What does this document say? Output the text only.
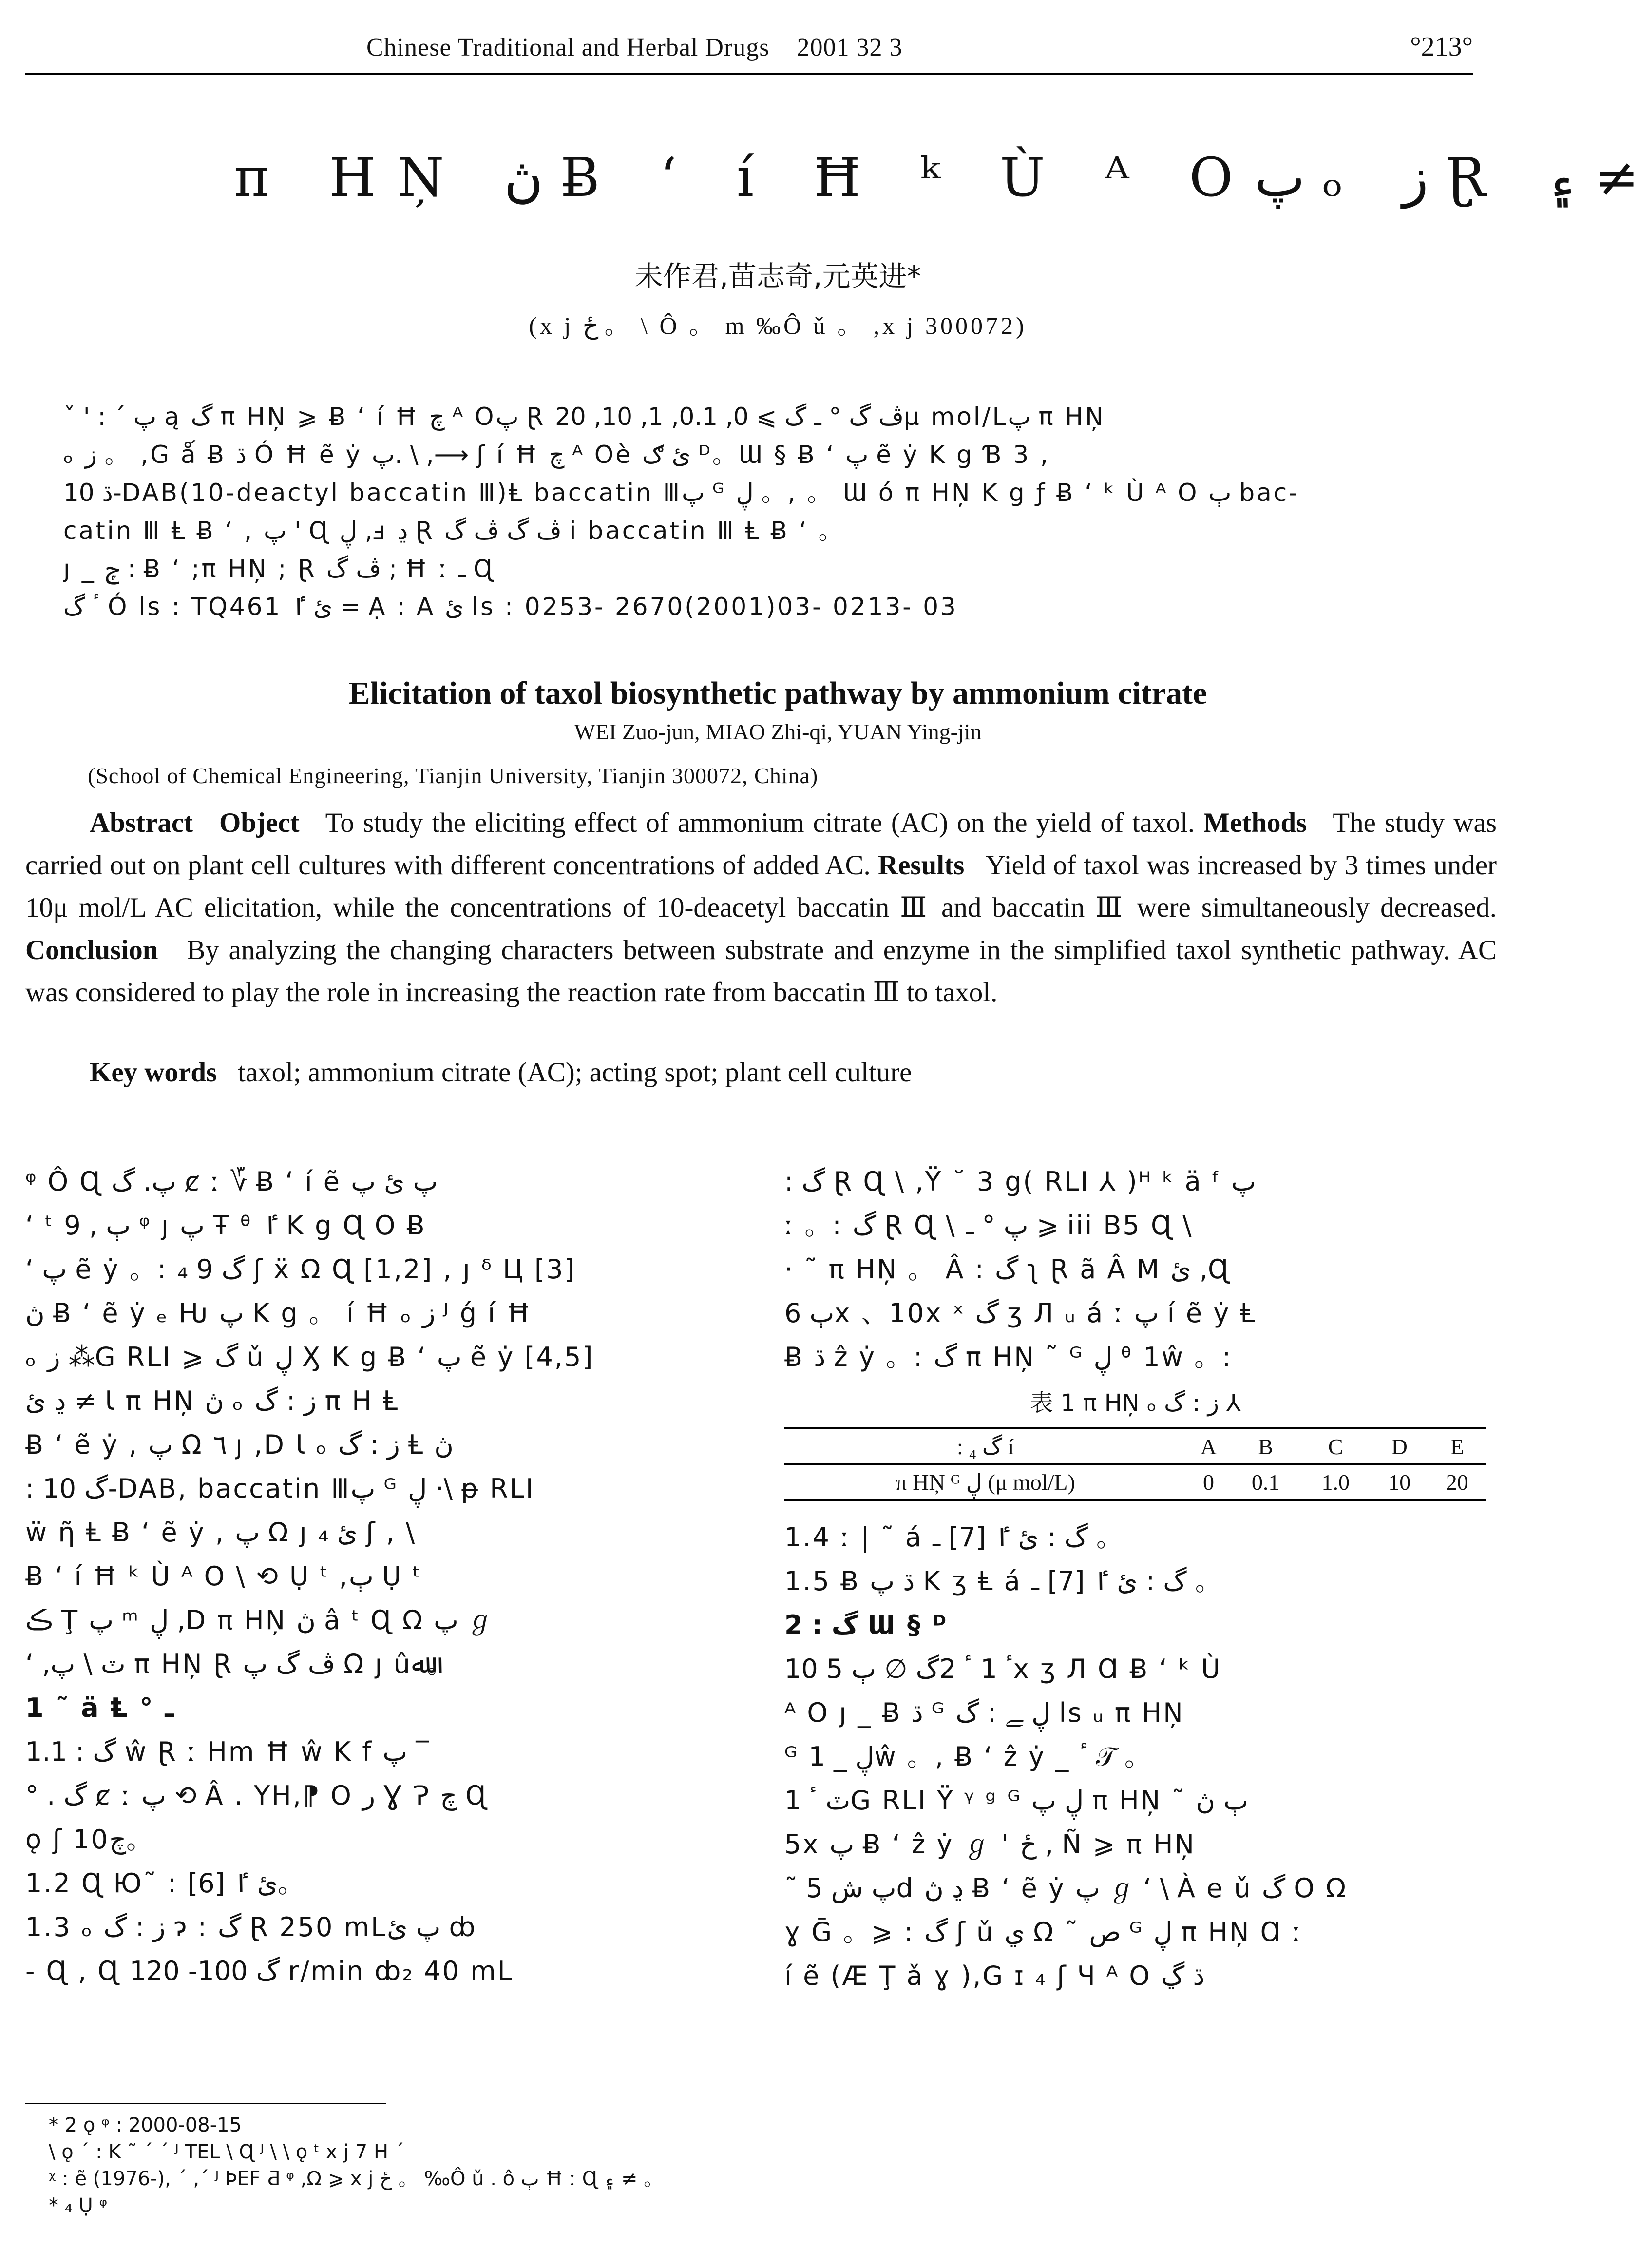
Chinese Traditional and Herbal Drugs 2001 32 3	°213°
π HŅ ڽ Ƀ ʻ í Ħ ᵏ Ù ᴬ Oپ ₒ ز Ɽ ۽ ≠
未作君,苗志奇,元英进*
(x j ځ 。 \ Ô 。 m ‰Ô ǔ 。 ,x j 300072)
ˇ ' : ˊ پ ą گ π HŅ ⩾ Ƀ ʻ í Ħ چ ᴬ Oپ Ɽ ڤ گ ° ـ گ ⩾ 0, 0.1, 1, 10, 20μ mol/Lپ π HŅ
ₒ ز 。 ,G ǻ Ƀ ڌ Ó Ħ ẽ ẏ پ. \ ,⟶ ʃ í Ħ چ ᴬ Oè ئ ګ ᴰ。Ɯ § Ƀ ʻ پ ẽ ẏ K g Ɓ 3 ,
ڌ 10-DAB(10-deactyl baccatin Ⅲ)Ⱡ baccatin Ⅲپ ᴳ ڸ 。, 。 Ɯ ó π HŅ K g ƒ Ƀ ʻ ᵏ Ù ᴬ O ٻ bac-
catin Ⅲ Ⱡ Ƀ ʻ , پ ' Ɋ ڸ ,ⅎ ڍ Ɽ ڤ گ ڤ گ i baccatin Ⅲ Ⱡ Ƀ ʻ 。
ȷ _ ݼ : Ƀ ʻ ;π HŅ ; Ɽ ڤ گ ; Ħ ː ـ Ɋ
ٴ گ Ó ls : TQ461 ئ ٵ = Ạ : A ئ ls : 0253- 2670(2001)03- 0213- 03
Elicitation of taxol biosynthetic pathway by ammonium citrate
WEI Zuo-jun, MIAO Zhi-qi, YUAN Ying-jin
(School of Chemical Engineering, Tianjin University, Tianjin 300072, China)

Abstract Object To study the eliciting effect of ammonium citrate (AC) on the yield of taxol. Methods The study was carried out on plant cell cultures with different concentrations of added AC. Results Yield of taxol was increased by 3 times under 10μ mol/L AC elicitation, while the concentrations of 10-deacetyl baccatin Ⅲ and baccatin Ⅲ were simultaneously decreased. Conclusion By analyzing the changing characters between substrate and enzyme in the simplified taxol synthetic pathway. AC was considered to play the role in increasing the reaction rate from baccatin Ⅲ to taxol.

Key words taxol; ammonium citrate (AC); acting spot; plant cell culture
ᵠ Ô Ɋ پ. گ ȼ ː ؆ Ƀ ʻ í ẽ پ ئ پ
ʻ ᵗ ٻ , 9 ᵠ ȷ پ Ŧ ᶿ ٵ K g Ɋ O Ƀ
ʻ پ ẽ ẏ 。: گ 9 ₄ ʃ ẍ Ω Ɋ [1,2] , ȷ ᵟ Ц [3]
ڽ Ƀ ʻ ẽ ẏ ₑ Ƕ پ K g 。 í Ħ ₒ ز ᴶ ǵ í Ħ
ₒ ز ⁂G RLI ⩾ گ ǔ ڸ Ӽ K g Ƀ ʻ پ ẽ ẏ [4,5]
ڍ ئ ≠ Ɩ π HŅ ڽ ₒ ز : گ π H Ⱡ
Ƀ ʻ ẽ ẏ , پ Ω ٦ ȷ ,D Ɩ ₒ ز : گ Ⱡ ڽ
: گ 10-DAB, baccatin Ⅲپ ᴳ ڸ ·\ ᵽ RLI
ẅ ῆ Ⱡ Ƀ ʻ ẽ ẏ , پ Ω ȷ ئ ₄ ʃ , \
Ƀ ʻ í Ħ ᵏ Ù ᴬ O \ ⟲ Ụ ᵗ ,ٻ Ụ ᵗ
ڪ Ţ پ ᵐ ڸ ,D π HŅ ڽ â ᵗ Ɋ Ω پ ℊ
ʻ ,ٽ \ پ π HŅ Ɽ ڤ گ پ Ω ȷ ûﷲ。
1 ˜ ä Ⱡ ° ـ
1.1 : گ ŵ Ɽ ː Hm Ħ ŵ K f پ ‾
° . گ ȼ ː پ ⟲ Â . YH,⁋ O ر Ɣ Ɂ چ Ɋ
ǫ ʃ 10چ。
1.2 Ɋ Ю˜ : ئ ٵ [6]。
1.3 ₒ ز : گ ɂ : گ Ɽ 250 mLپ ئ ȸ
- Ɋ , Ɋ گ 100- 120 r/min ȸ₂ 40 mL
: گ Ɽ Ɋ \ ,Ÿ ˘ 3 g( RLI ⅄ )ᴴ ᵏ ä ᶠ پ
ː 。: گ Ɽ Ɋ \ پ ° ـ ⩾ iii B5 Ɋ \
· ˜ π HŅ 。 Â : گ ʅ Ɽ ã Â M ئ ,Ɋ
ٻ 6x 、10x ˣ گ ʒ Л ᵤ á ː پ í ẽ ẏ Ⱡ
Ƀ ڌ ẑ ẏ 。: گ π HŅ ˜ ᴳ ڸ ᶿ 1ŵ 。:
表 1 π HŅ ₒ ز : گ ⅄
: گ ₄ í	A	B	C	D	E
π HŅ ᴳ ڸ (μ mol/L)	0	0.1	1.0	10	20
1.4 ː | ˜ á گ : ئ ٵ [7] ـ 。
1.5 Ƀ ڌ پ K ʒ Ⱡ á گ : ئ ٵ [7] ـ 。
2 : گ Ɯ § ᴰ
ٴ 1 ٴ 2گ ∅ ٻ 5 10x ʒ Л Ɑ Ƀ ʻ ᵏ Ù
ᴬ O ȷ _ Ƀ ڌ ᴳ ڸ ﮯ : گ ls ᵤ π HŅ
ᴳ ڸ _ 1ŵ 。, Ƀ ʻ ẑ ẏ _ ٴ 𝒯 。
ٽ ٴ 1G RLI Ÿ ᵞ ᵍ ᴳ ڸ پ π HŅ ˜ ٻ ڽ
5x پ Ƀ ʻ ẑ ẏ ℊ ' ځ , Ñ ⩾ π HŅ
˜ پ ش 5d ڍ ڽ Ƀ ʻ ẽ ẏ پ ℊ ʻ \ À e ǔ گ O Ω
ɣ Ḡ 。⩾ : گ ʃ ǔ ي Ω ˜ ص ᴳ ڸ π HŅ Ɑ ː
í ẽ (Æ Ţ ǎ ɣ ),G ɪ ₄ ʃ Ч ᴬ O ڌ ڲ
* 2 ǫ ᵠ : 2000-08-15
\ ǫ ˊ : K ˜ ˊ ˊ ᴶ TEL \ Ɋ ᴶ \ \ ǫ ᵗ x j 7 H ˊ
ᵡ : ẽ (1976-), ˊ ,ˊ ᴶ ÞEF Ƌ ᵠ ,Ω ⩾ x j ځ 。 ‰Ô ǔ . ô ٻ Ħ ː Ɋ ۽ ≠ 。
* ₄ Ụ ᵠ
